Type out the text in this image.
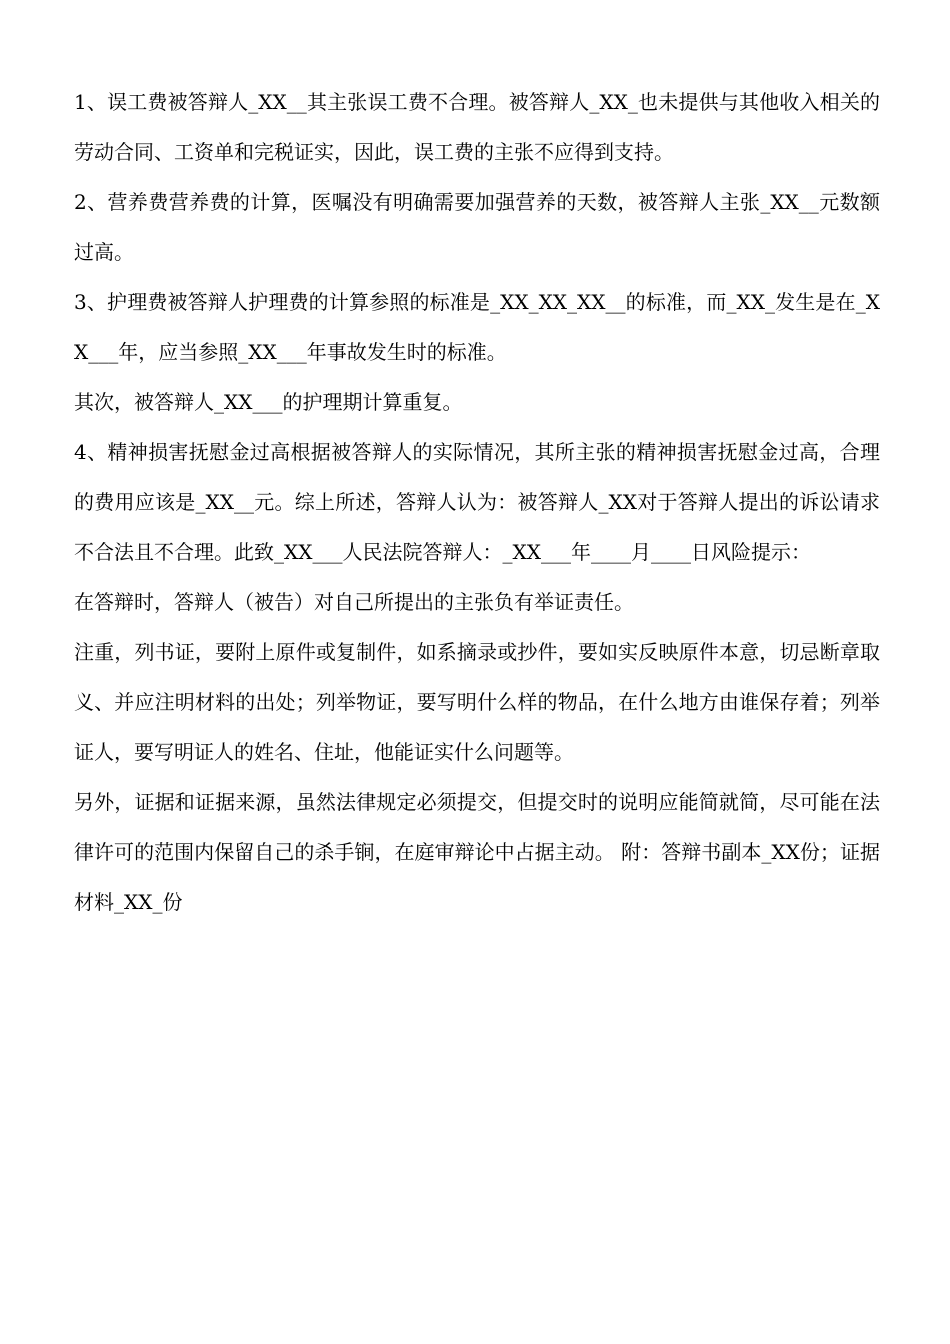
1、误工费被答辩人_XX__其主张误工费不合理。被答辩人_XX_也未提供与其他收入相关的劳动合同、工资单和完税证实，因此，误工费的主张不应得到支持。

2、营养费营养费的计算，医嘱没有明确需要加强营养的天数，被答辩人主张_XX__元数额过高。

3、护理费被答辩人护理费的计算参照的标准是_XX_XX_XX__的标准，而_XX_发生是在_XX___年，应当参照_XX___年事故发生时的标准。

其次，被答辩人_XX___的护理期计算重复。

4、精神损害抚慰金过高根据被答辩人的实际情况，其所主张的精神损害抚慰金过高，合理的费用应该是_XX__元。综上所述，答辩人认为：被答辩人_XX对于答辩人提出的诉讼请求不合法且不合理。此致_XX___人民法院答辩人：_XX___年____月____日风险提示：

在答辩时，答辩人（被告）对自己所提出的主张负有举证责任。

注重，列书证，要附上原件或复制件，如系摘录或抄件，要如实反映原件本意，切忌断章取义、并应注明材料的出处；列举物证，要写明什么样的物品，在什么地方由谁保存着；列举证人，要写明证人的姓名、住址，他能证实什么问题等。

另外，证据和证据来源，虽然法律规定必须提交，但提交时的说明应能简就简，尽可能在法律许可的范围内保留自己的杀手锏，在庭审辩论中占据主动。 附：答辩书副本_XX份；证据材料_XX_份
